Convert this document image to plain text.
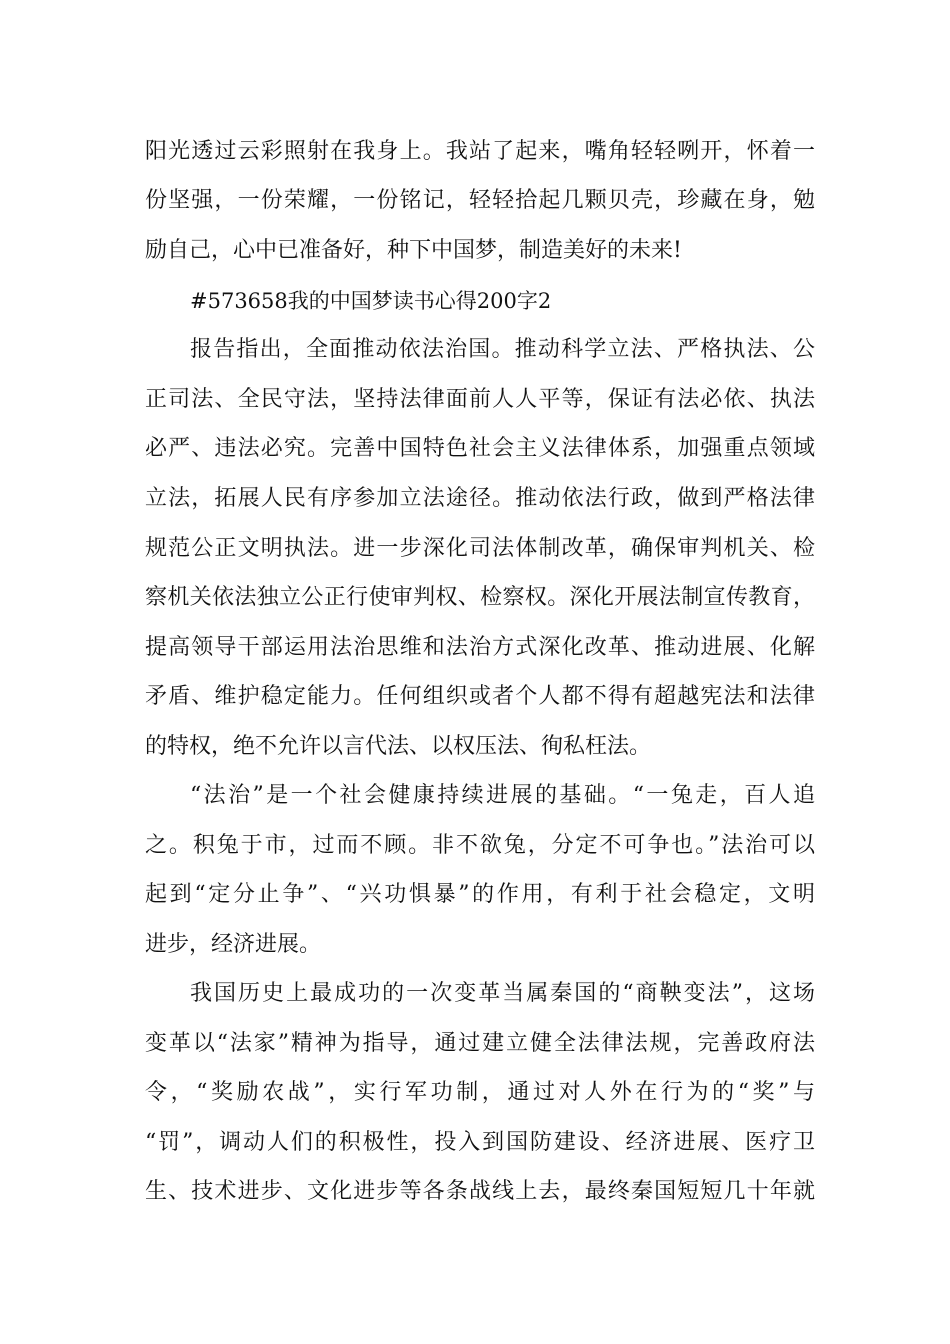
阳光透过云彩照射在我身上。我站了起来，嘴角轻轻咧开，怀着一
份坚强，一份荣耀，一份铭记，轻轻拾起几颗贝壳，珍藏在身，勉
励自己，心中已准备好，种下中国梦，制造美好的未来!
#573658我的中国梦读书心得200字2
报告指出，全面推动依法治国。推动科学立法、严格执法、公
正司法、全民守法，坚持法律面前人人平等，保证有法必依、执法
必严、违法必究。完善中国特色社会主义法律体系，加强重点领域
立法，拓展人民有序参加立法途径。推动依法行政，做到严格法律
规范公正文明执法。进一步深化司法体制改革，确保审判机关、检
察机关依法独立公正行使审判权、检察权。深化开展法制宣传教育，
提高领导干部运用法治思维和法治方式深化改革、推动进展、化解
矛盾、维护稳定能力。任何组织或者个人都不得有超越宪法和法律
的特权，绝不允许以言代法、以权压法、徇私枉法。
“法治”是一个社会健康持续进展的基础。“一兔走，百人追
之。积兔于市，过而不顾。非不欲兔，分定不可争也。”法治可以
起到“定分止争”、“兴功惧暴”的作用，有利于社会稳定，文明
进步，经济进展。
我国历史上最成功的一次变革当属秦国的“商鞅变法”，这场
变革以“法家”精神为指导，通过建立健全法律法规，完善政府法
令，“奖励农战”，实行军功制，通过对人外在行为的“奖”与
“罚”，调动人们的积极性，投入到国防建设、经济进展、医疗卫
生、技术进步、文化进步等各条战线上去，最终秦国短短几十年就
